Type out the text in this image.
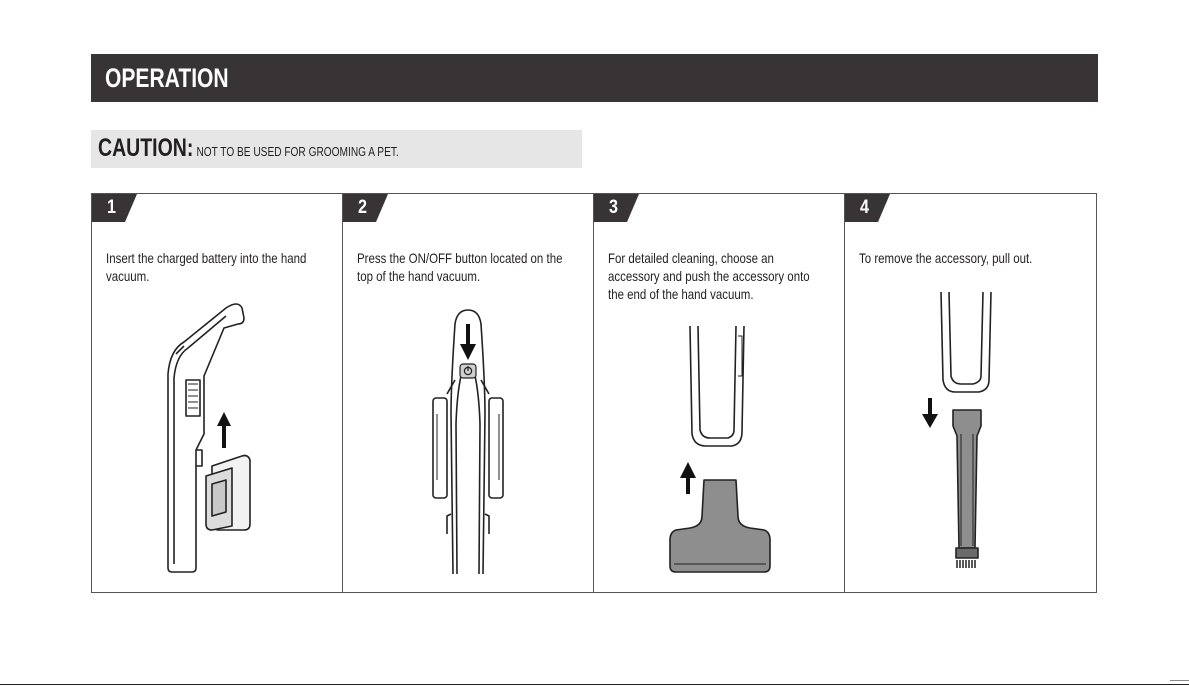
OPERATION
CAUTION: NOT TO BE USED FOR GROOMING A PET.
1
Insert the charged battery into the hand vacuum.
2
Press the ON/OFF button located on the top of the hand vacuum.
3
For detailed cleaning, choose an accessory and push the accessory onto the end of the hand vacuum.
4
To remove the accessory, pull out.
